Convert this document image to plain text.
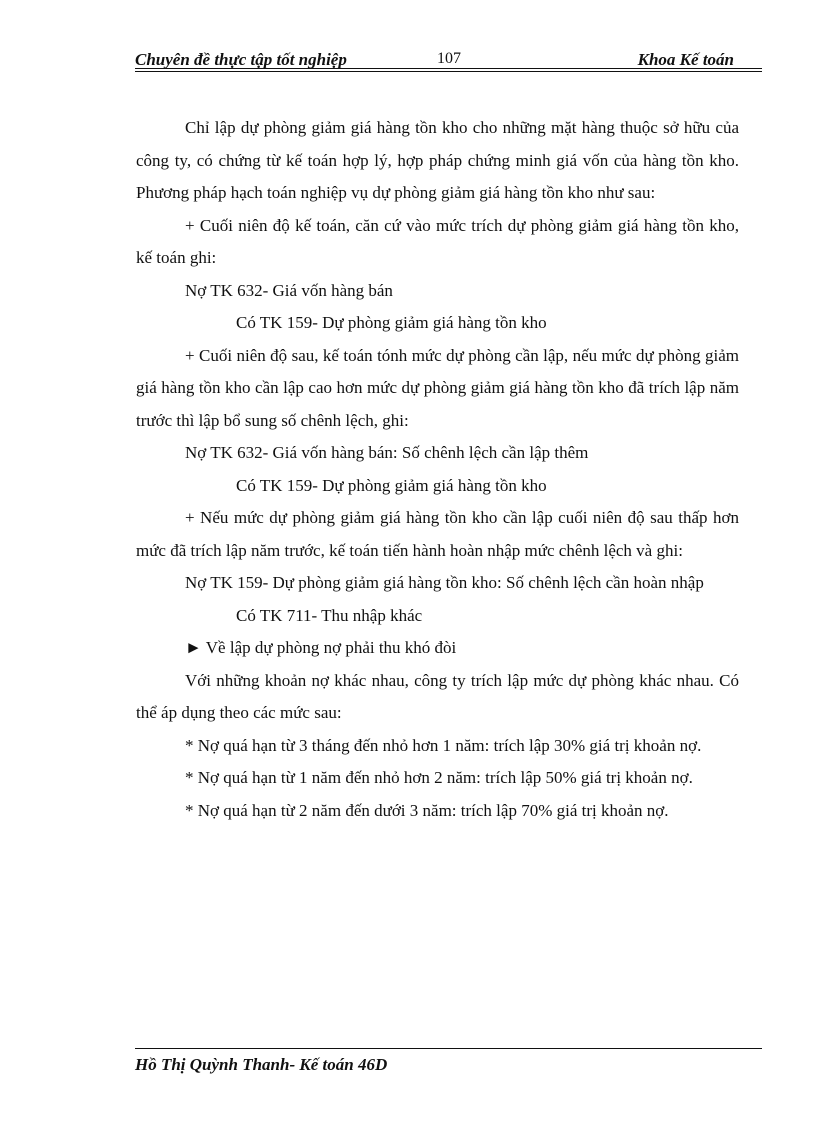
Chuyên đề thực tập tốt nghiệp	107	Khoa Kế toán

Chỉ lập dự phòng giảm giá hàng tồn kho cho những mặt hàng thuộc sở hữu của công ty, có chứng từ kế toán hợp lý, hợp pháp chứng minh giá vốn của hàng tồn kho. Phương pháp hạch toán nghiệp vụ dự phòng giảm giá hàng tồn kho như sau:

+ Cuối niên độ kế toán, căn cứ vào mức trích dự phòng giảm giá hàng tồn kho, kế toán ghi:

Nợ TK 632- Giá vốn hàng bán

Có TK 159- Dự phòng giảm giá hàng tồn kho

+ Cuối niên độ sau, kế toán tónh mức dự phòng cần lập, nếu mức dự phòng giảm giá hàng tồn kho cần lập cao hơn mức dự phòng giảm giá hàng tồn kho đã trích lập năm trước thì lập bổ sung số chênh lệch, ghi:

Nợ TK 632- Giá vốn hàng bán: Số chênh lệch cần lập thêm

Có TK 159- Dự phòng giảm giá hàng tồn kho

+ Nếu mức dự phòng giảm giá hàng tồn kho cần lập cuối niên độ sau thấp hơn mức đã trích lập năm trước, kế toán tiến hành hoàn nhập mức chênh lệch và ghi:

Nợ TK 159- Dự phòng giảm giá hàng tồn kho: Số chênh lệch cần hoàn nhập

Có TK 711- Thu nhập khác

► Về lập dự phòng nợ phải thu khó đòi

Với những khoản nợ khác nhau, công ty trích lập mức dự phòng khác nhau. Có thể áp dụng theo các mức sau:

* Nợ quá hạn từ 3 tháng đến nhỏ hơn 1 năm: trích lập 30% giá trị khoản nợ.

* Nợ quá hạn từ 1 năm đến nhỏ hơn 2 năm: trích lập 50% giá trị khoản nợ.

* Nợ quá hạn từ 2 năm đến dưới 3 năm: trích lập 70% giá trị khoản nợ.

Hồ Thị Quỳnh Thanh- Kế toán 46D
